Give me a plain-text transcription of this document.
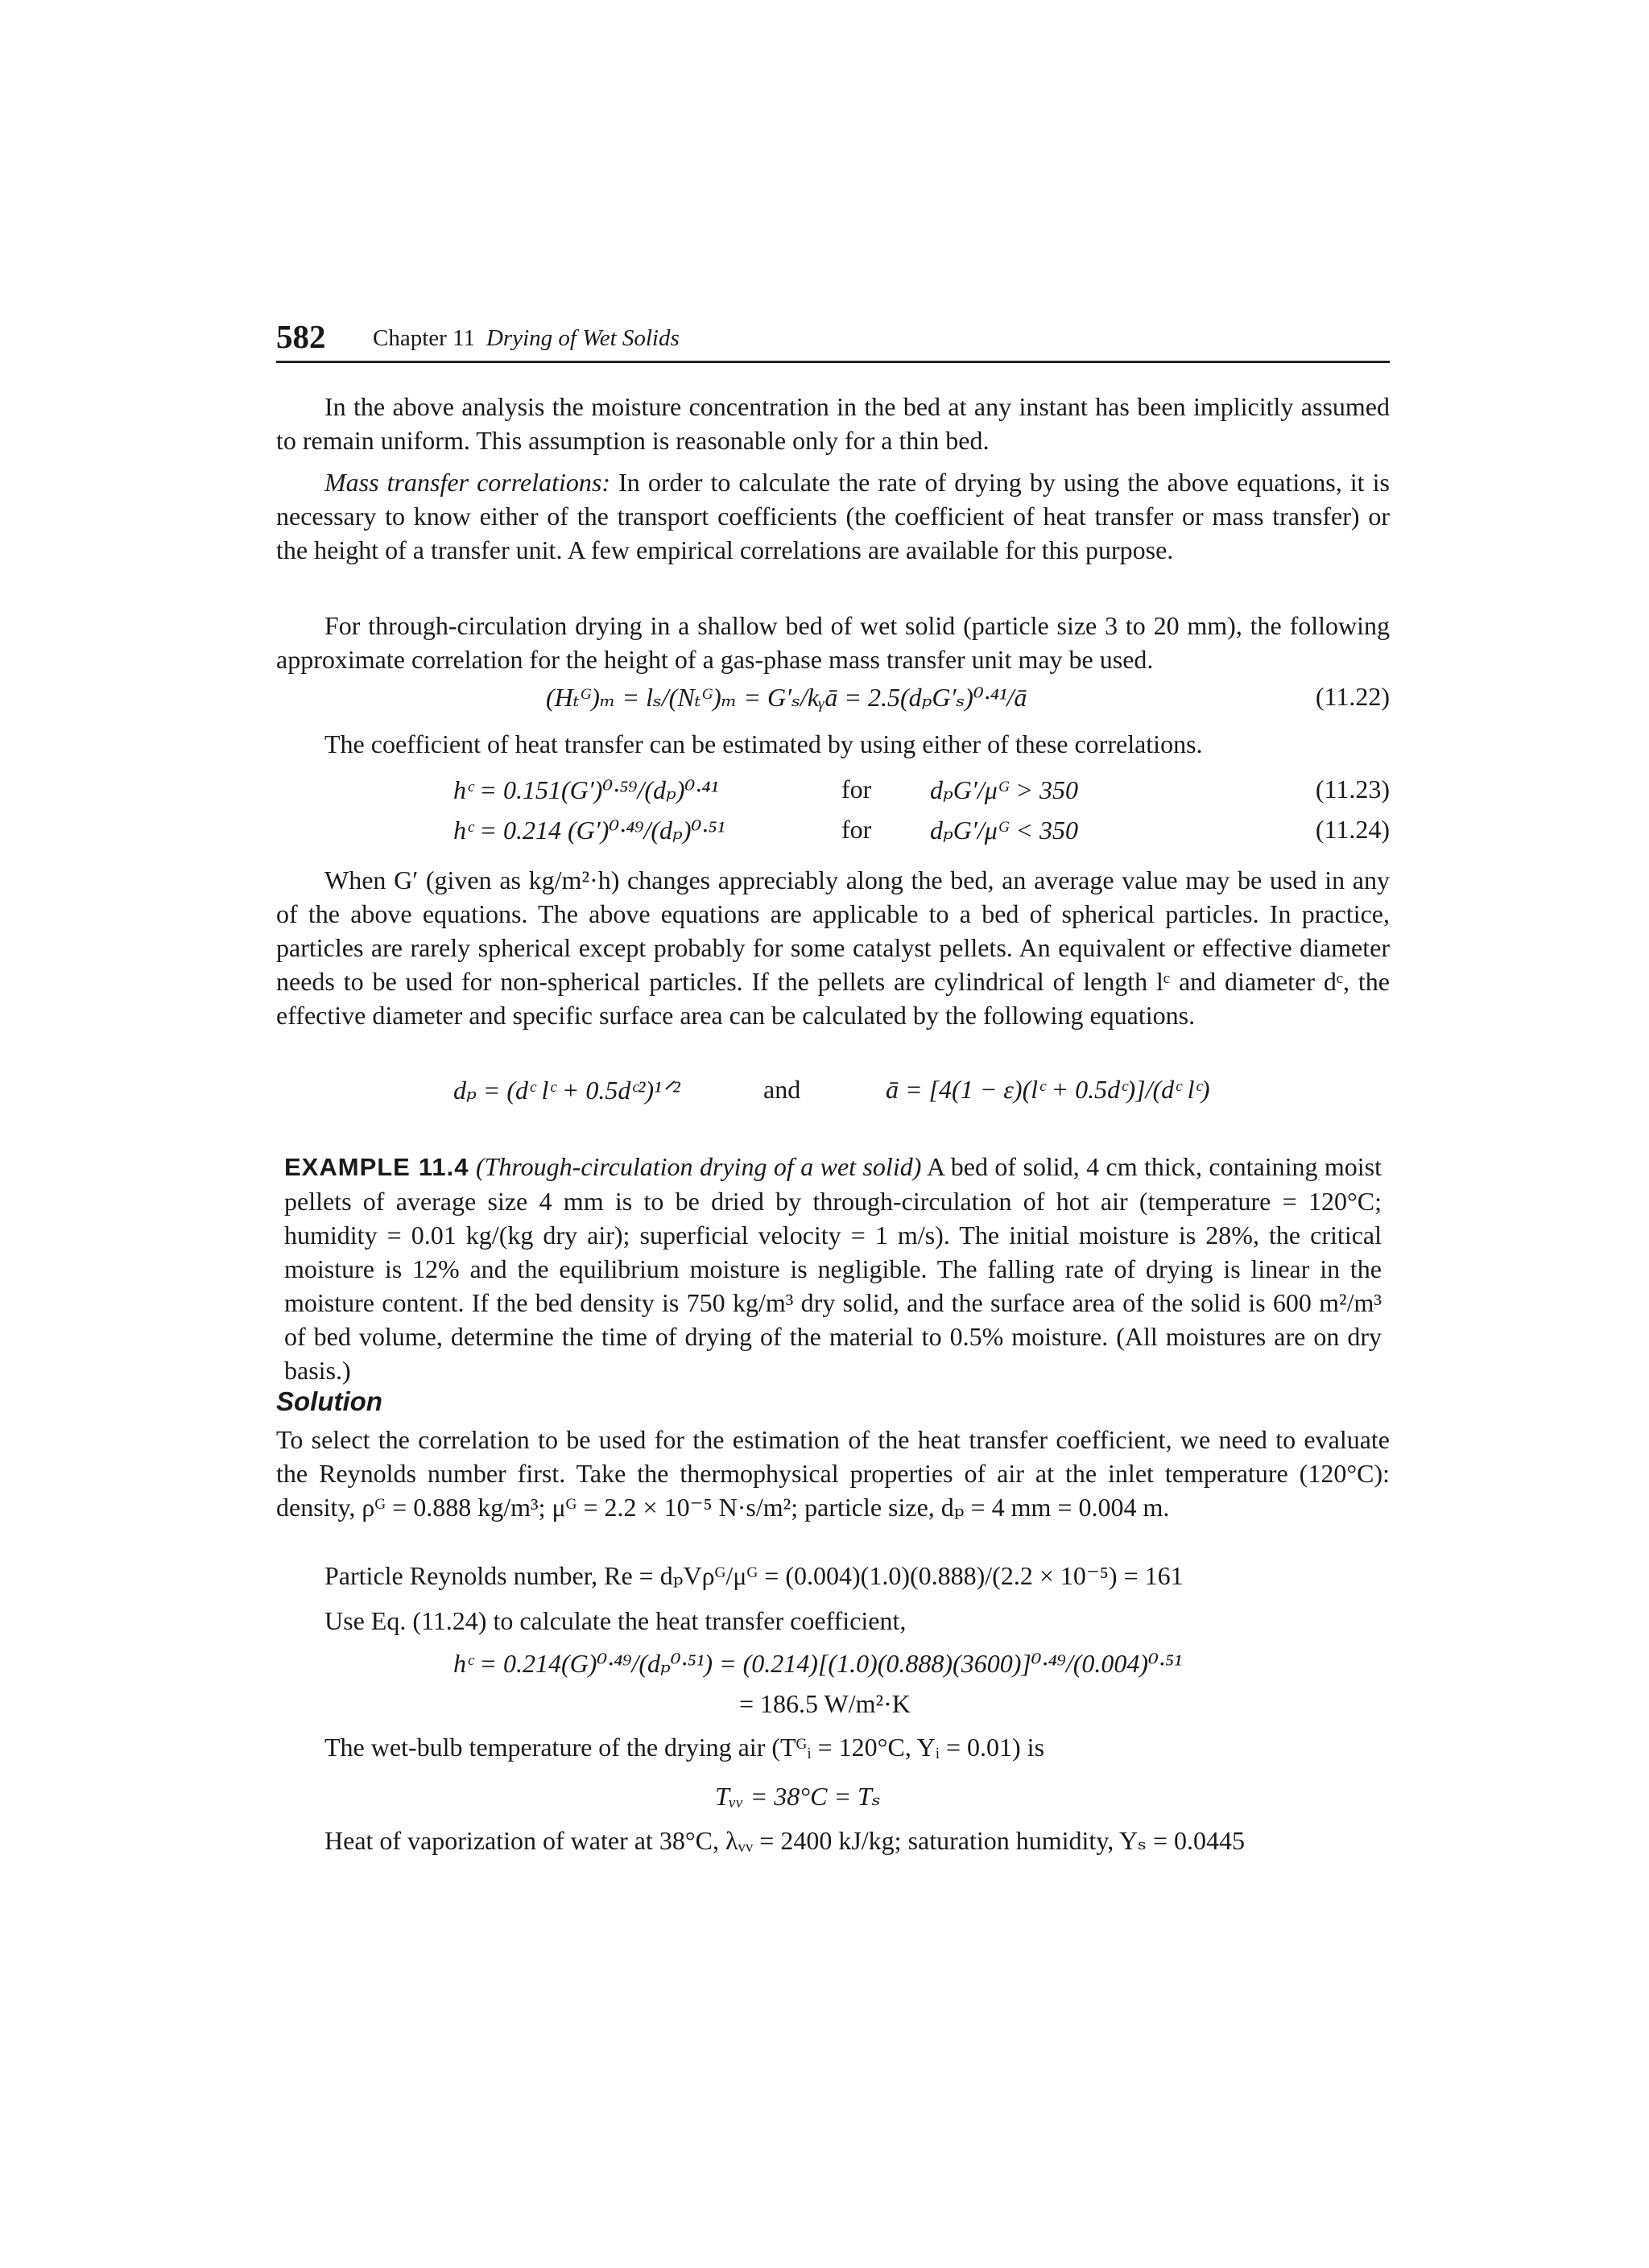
582 Chapter 11 Drying of Wet Solids

In the above analysis the moisture concentration in the bed at any instant has been implicitly assumed to remain uniform. This assumption is reasonable only for a thin bed.

Mass transfer correlations: In order to calculate the rate of drying by using the above equations, it is necessary to know either of the transport coefficients (the coefficient of heat transfer or mass transfer) or the height of a transfer unit. A few empirical correlations are available for this purpose.

For through-circulation drying in a shallow bed of wet solid (particle size 3 to 20 mm), the following approximate correlation for the height of a gas-phase mass transfer unit may be used.

(Hₜᴳ)ₘ = lₛ/(Nₜᴳ)ₘ = G′ₛ/kᵧā = 2.5(dₚG′ₛ)⁰·⁴¹/ā	(11.22)

The coefficient of heat transfer can be estimated by using either of these correlations.

hᶜ = 0.151(G′)⁰·⁵⁹/(dₚ)⁰·⁴¹	for dₚG′/μᴳ > 350	(11.23)
hᶜ = 0.214 (G′)⁰·⁴⁹/(dₚ)⁰·⁵¹	for dₚG′/μᴳ < 350	(11.24)

When G′ (given as kg/m²·h) changes appreciably along the bed, an average value may be used in any of the above equations. The above equations are applicable to a bed of spherical particles. In practice, particles are rarely spherical except probably for some catalyst pellets. An equivalent or effective diameter needs to be used for non-spherical particles. If the pellets are cylindrical of length lᶜ and diameter dᶜ, the effective diameter and specific surface area can be calculated by the following equations.

dₚ = (dᶜ lᶜ + 0.5dᶜ²)¹ᐟ²	and	ā = [4(1 − ε)(lᶜ + 0.5dᶜ)]/(dᶜ lᶜ)

EXAMPLE 11.4 (Through-circulation drying of a wet solid) A bed of solid, 4 cm thick, containing moist pellets of average size 4 mm is to be dried by through-circulation of hot air (temperature = 120°C; humidity = 0.01 kg/(kg dry air); superficial velocity = 1 m/s). The initial moisture is 28%, the critical moisture is 12% and the equilibrium moisture is negligible. The falling rate of drying is linear in the moisture content. If the bed density is 750 kg/m³ dry solid, and the surface area of the solid is 600 m²/m³ of bed volume, determine the time of drying of the material to 0.5% moisture. (All moistures are on dry basis.)

Solution

To select the correlation to be used for the estimation of the heat transfer coefficient, we need to evaluate the Reynolds number first. Take the thermophysical properties of air at the inlet temperature (120°C): density, ρᴳ = 0.888 kg/m³; μᴳ = 2.2 × 10⁻⁵ N·s/m²; particle size, dₚ = 4 mm = 0.004 m.

Particle Reynolds number, Re = dₚVρᴳ/μᴳ = (0.004)(1.0)(0.888)/(2.2 × 10⁻⁵) = 161
Use Eq. (11.24) to calculate the heat transfer coefficient,
hᶜ = 0.214(G)⁰·⁴⁹/(dₚ⁰·⁵¹) = (0.214)[(1.0)(0.888)(3600)]⁰·⁴⁹/(0.004)⁰·⁵¹
= 186.5 W/m²·K
The wet-bulb temperature of the drying air (Tᴳᵢ = 120°C, Yᵢ = 0.01) is
Tᵥᵥ = 38°C = Tₛ
Heat of vaporization of water at 38°C, λᵥᵥ = 2400 kJ/kg; saturation humidity, Yₛ = 0.0445
